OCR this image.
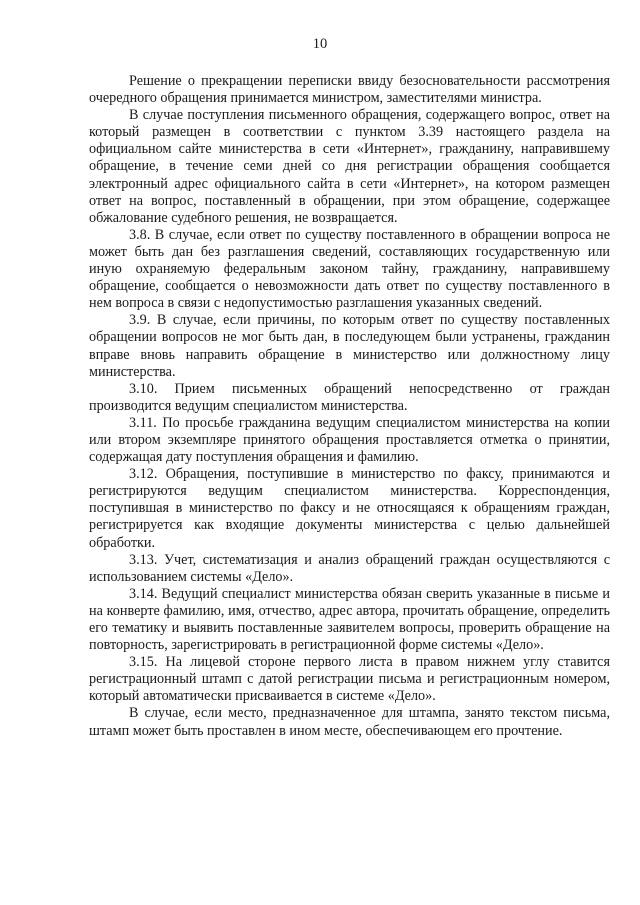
10

Решение о прекращении переписки ввиду безосновательности рассмотрения очередного обращения принимается министром, заместителями министра.

В случае поступления письменного обращения, содержащего вопрос, ответ на который размещен в соответствии с пунктом 3.39 настоящего раздела на официальном сайте министерства в сети «Интернет», гражданину, направившему обращение, в течение семи дней со дня регистрации обращения сообщается электронный адрес официального сайта в сети «Интернет», на котором размещен ответ на вопрос, поставленный в обращении, при этом обращение, содержащее обжалование судебного решения, не возвращается.

3.8. В случае, если ответ по существу поставленного в обращении вопроса не может быть дан без разглашения сведений, составляющих государственную или иную охраняемую федеральным законом тайну, гражданину, направившему обращение, сообщается о невозможности дать ответ по существу поставленного в нем вопроса в связи с недопустимостью разглашения указанных сведений.

3.9. В случае, если причины, по которым ответ по существу поставленных обращении вопросов не мог быть дан, в последующем были устранены, гражданин вправе вновь направить обращение в министерство или должностному лицу министерства.

3.10. Прием письменных обращений непосредственно от граждан производится ведущим специалистом министерства.

3.11. По просьбе гражданина ведущим специалистом министерства на копии или втором экземпляре принятого обращения проставляется отметка о принятии, содержащая дату поступления обращения и фамилию.

3.12. Обращения, поступившие в министерство по факсу, принимаются и регистрируются ведущим специалистом министерства. Корреспонденция, поступившая в министерство по факсу и не относящаяся к обращениям граждан, регистрируется как входящие документы министерства с целью дальнейшей обработки.

3.13. Учет, систематизация и анализ обращений граждан осуществляются с использованием системы «Дело».

3.14. Ведущий специалист министерства обязан сверить указанные в письме и на конверте фамилию, имя, отчество, адрес автора, прочитать обращение, определить его тематику и выявить поставленные заявителем вопросы, проверить обращение на повторность, зарегистрировать в регистрационной форме системы «Дело».

3.15. На лицевой стороне первого листа в правом нижнем углу ставится регистрационный штамп с датой регистрации письма и регистрационным номером, который автоматически присваивается в системе «Дело».

В случае, если место, предназначенное для штампа, занято текстом письма, штамп может быть проставлен в ином месте, обеспечивающем его прочтение.
